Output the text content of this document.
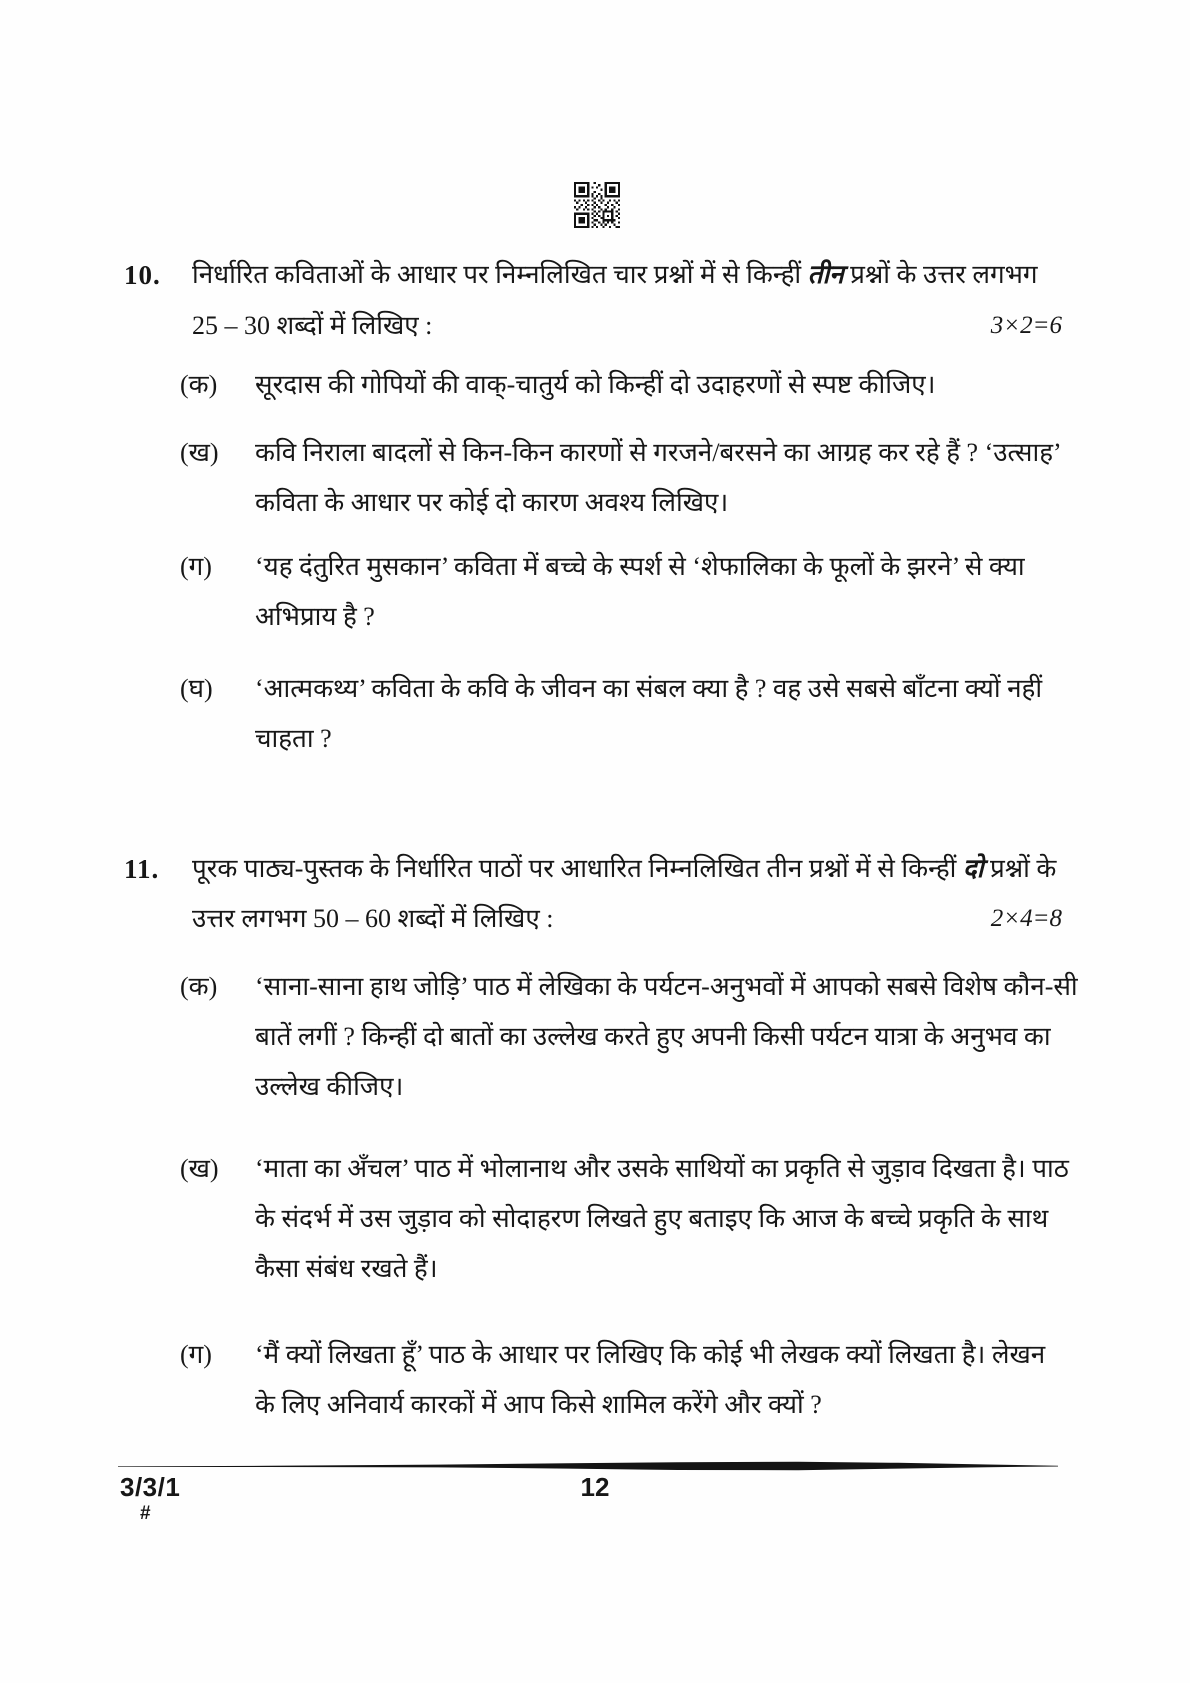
10. निर्धारित कविताओं के आधार पर निम्नलिखित चार प्रश्नों में से किन्हीं तीन प्रश्नों के उत्तर लगभग
25 – 30 शब्दों में लिखिए :	3×2=6
(क) सूरदास की गोपियों की वाक्-चातुर्य को किन्हीं दो उदाहरणों से स्पष्ट कीजिए।
(ख) कवि निराला बादलों से किन-किन कारणों से गरजने/बरसने का आग्रह कर रहे हैं ? ‘उत्साह’
कविता के आधार पर कोई दो कारण अवश्य लिखिए।
(ग) ‘यह दंतुरित मुसकान’ कविता में बच्चे के स्पर्श से ‘शेफालिका के फूलों के झरने’ से क्या
अभिप्राय है ?
(घ) ‘आत्मकथ्य’ कविता के कवि के जीवन का संबल क्या है ? वह उसे सबसे बाँटना क्यों नहीं
चाहता ?
11. पूरक पाठ्य-पुस्तक के निर्धारित पाठों पर आधारित निम्नलिखित तीन प्रश्नों में से किन्हीं दो प्रश्नों के
उत्तर लगभग 50 – 60 शब्दों में लिखिए :	2×4=8
(क) ‘साना-साना हाथ जोड़ि’ पाठ में लेखिका के पर्यटन-अनुभवों में आपको सबसे विशेष कौन-सी
बातें लगीं ? किन्हीं दो बातों का उल्लेख करते हुए अपनी किसी पर्यटन यात्रा के अनुभव का
उल्लेख कीजिए।
(ख) ‘माता का अँचल’ पाठ में भोलानाथ और उसके साथियों का प्रकृति से जुड़ाव दिखता है। पाठ
के संदर्भ में उस जुड़ाव को सोदाहरण लिखते हुए बताइए कि आज के बच्चे प्रकृति के साथ
कैसा संबंध रखते हैं।
(ग) ‘मैं क्यों लिखता हूँ’ पाठ के आधार पर लिखिए कि कोई भी लेखक क्यों लिखता है। लेखन
के लिए अनिवार्य कारकों में आप किसे शामिल करेंगे और क्यों ?
3/3/1
#
12
